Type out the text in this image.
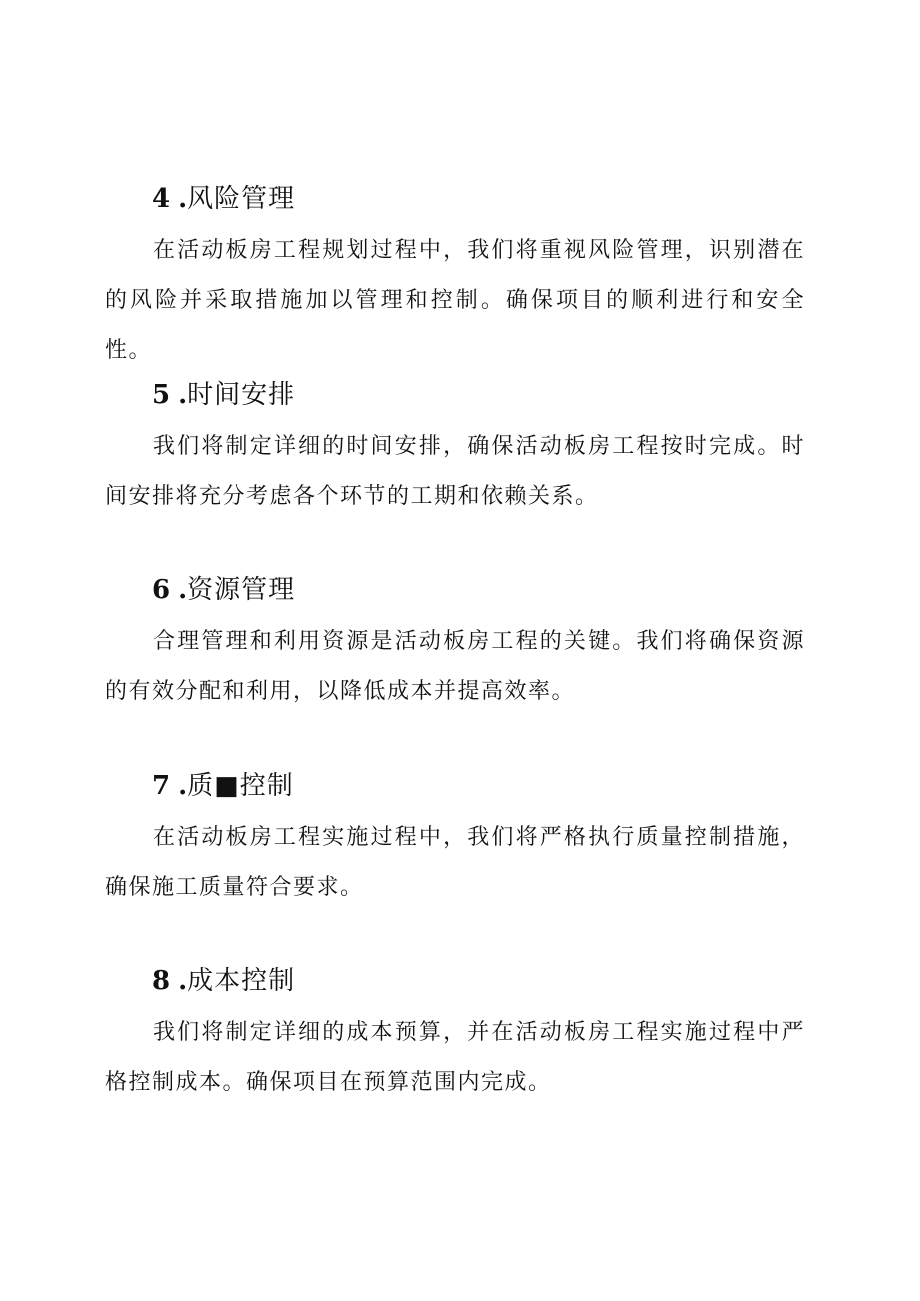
4 . 风险管理

在活动板房工程规划过程中，我们将重视风险管理，识别潜在的风险并采取措施加以管理和控制。确保项目的顺利进行和安全性。

5 . 时间安排

我们将制定详细的时间安排，确保活动板房工程按时完成。时间安排将充分考虑各个环节的工期和依赖关系。

6 . 资源管理

合理管理和利用资源是活动板房工程的关键。我们将确保资源的有效分配和利用，以降低成本并提高效率。

7 . 质■控制

在活动板房工程实施过程中，我们将严格执行质量控制措施，确保施工质量符合要求。

8 . 成本控制

我们将制定详细的成本预算，并在活动板房工程实施过程中严格控制成本。确保项目在预算范围内完成。
